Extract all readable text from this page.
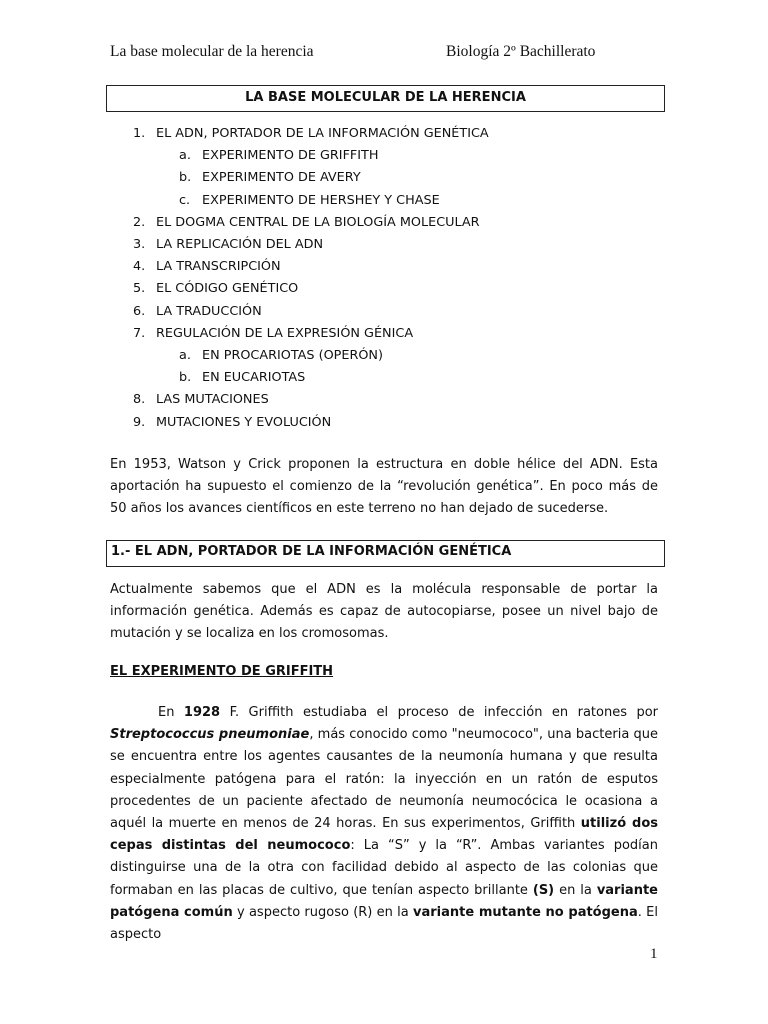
La base molecular de la herencia	Biología 2º Bachillerato
LA BASE MOLECULAR DE LA HERENCIA
1. EL ADN, PORTADOR DE LA INFORMACIÓN GENÉTICA
a. EXPERIMENTO DE GRIFFITH
b. EXPERIMENTO DE AVERY
c. EXPERIMENTO DE HERSHEY Y CHASE
2. EL DOGMA CENTRAL DE LA BIOLOGÍA MOLECULAR
3. LA REPLICACIÓN DEL ADN
4. LA TRANSCRIPCIÓN
5. EL CÓDIGO GENÉTICO
6. LA TRADUCCIÓN
7. REGULACIÓN DE LA EXPRESIÓN GÉNICA
a. EN PROCARIOTAS (OPERÓN)
b. EN EUCARIOTAS
8. LAS MUTACIONES
9. MUTACIONES Y EVOLUCIÓN

En 1953, Watson y Crick proponen la estructura en doble hélice del ADN. Esta aportación ha supuesto el comienzo de la “revolución genética”. En poco más de 50 años los avances científicos en este terreno no han dejado de sucederse.

1.- EL ADN, PORTADOR DE LA INFORMACIÓN GENÉTICA

Actualmente sabemos que el ADN es la molécula responsable de portar la información genética. Además es capaz de autocopiarse, posee un nivel bajo de mutación y se localiza en los cromosomas.

EL EXPERIMENTO DE GRIFFITH

En 1928 F. Griffith estudiaba el proceso de infección en ratones por Streptococcus pneumoniae, más conocido como "neumococo", una bacteria que se encuentra entre los agentes causantes de la neumonía humana y que resulta especialmente patógena para el ratón: la inyección en un ratón de esputos procedentes de un paciente afectado de neumonía neumocócica le ocasiona a aquél la muerte en menos de 24 horas. En sus experimentos, Griffith utilizó dos cepas distintas del neumococo: La “S” y la “R”. Ambas variantes podían distinguirse una de la otra con facilidad debido al aspecto de las colonias que formaban en las placas de cultivo, que tenían aspecto brillante (S) en la variante patógena común y aspecto rugoso (R) en la variante mutante no patógena. El aspecto

1
